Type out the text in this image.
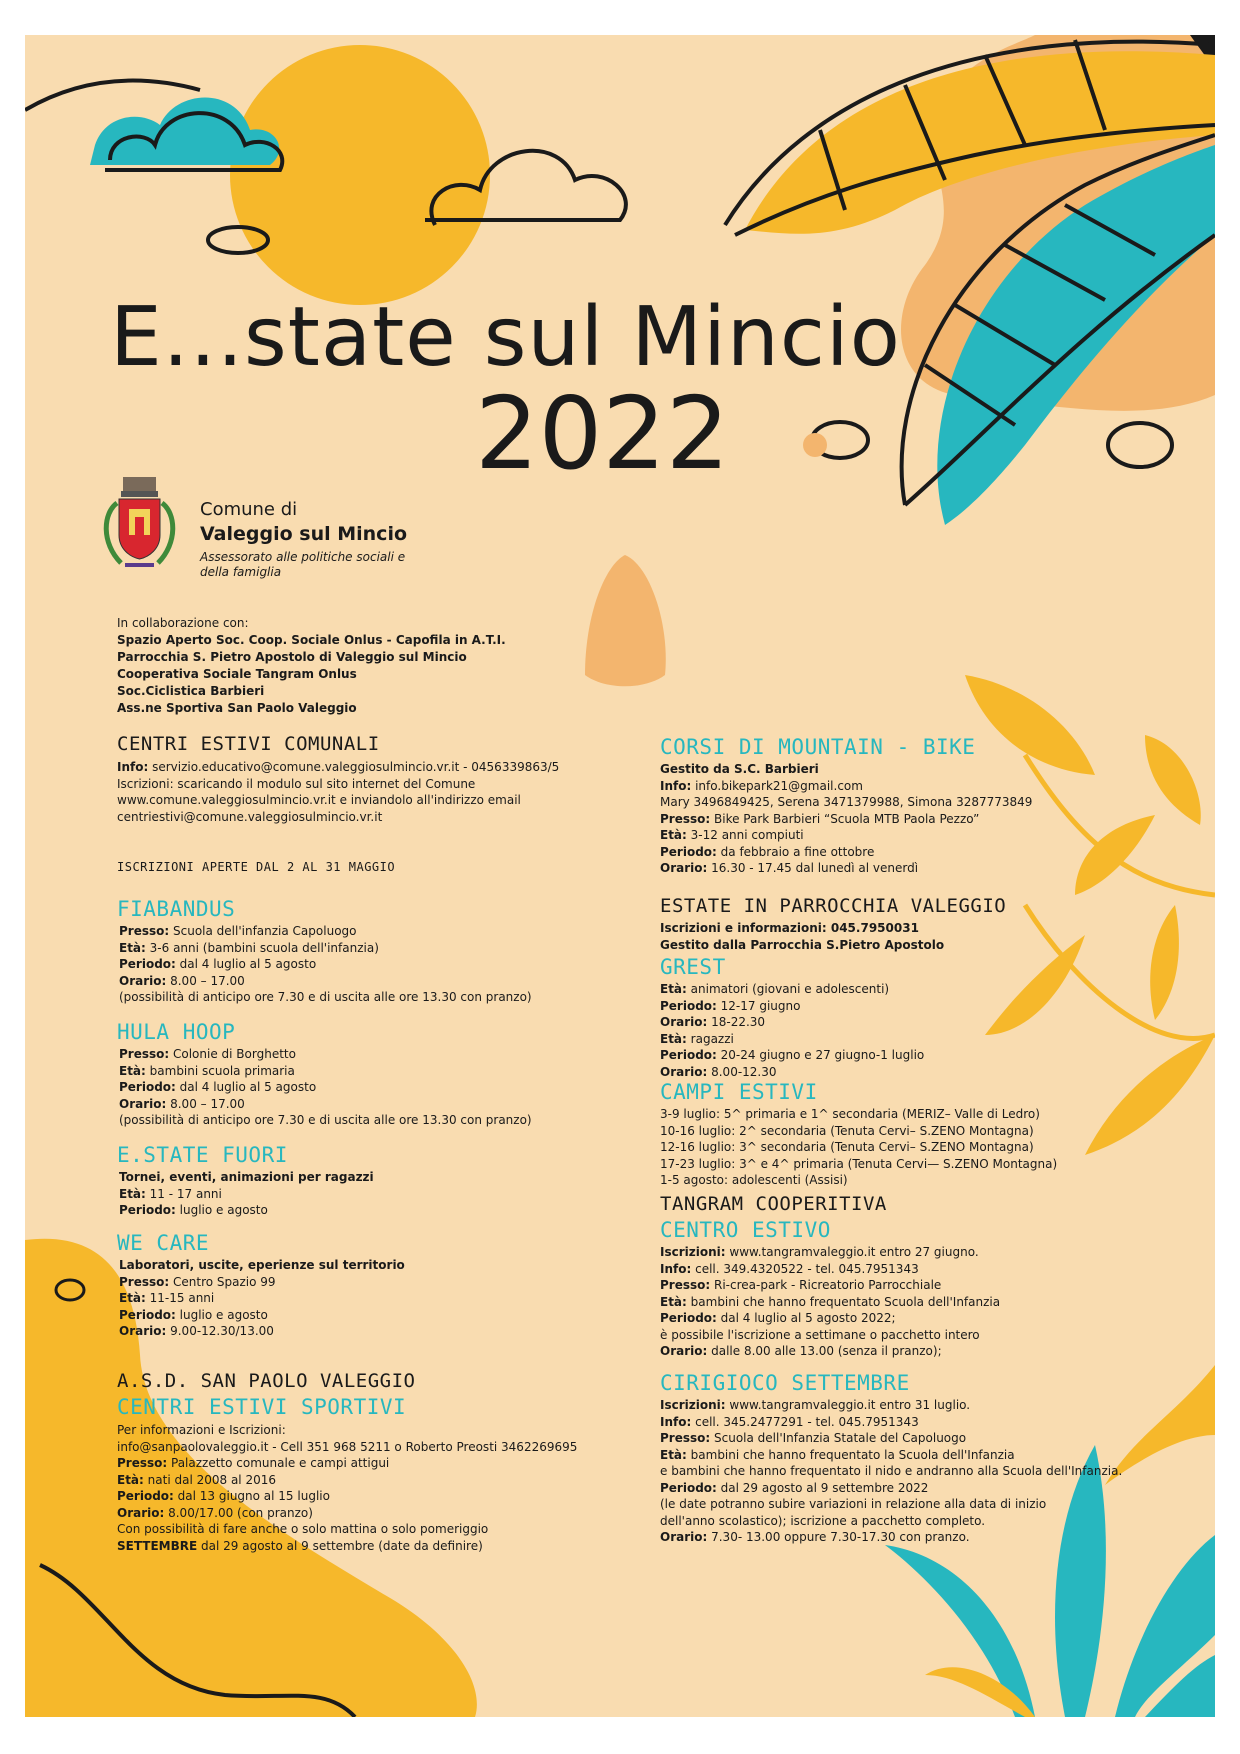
E...state sul Mincio
2022
Comune di
Valeggio sul Mincio
Assessorato alle politiche sociali e della famiglia
In collaborazione con:
Spazio Aperto Soc. Coop. Sociale Onlus - Capofila in A.T.I.
Parrocchia S. Pietro Apostolo di Valeggio sul Mincio
Cooperativa Sociale Tangram Onlus
Soc.Ciclistica Barbieri
Ass.ne Sportiva San Paolo Valeggio
CENTRI ESTIVI COMUNALI
Info: servizio.educativo@comune.valeggiosulmincio.vr.it - 0456339863/5
Iscrizioni: scaricando il modulo sul sito internet del Comune
www.comune.valeggiosulmincio.vr.it e inviandolo all'indirizzo email
centriestivi@comune.valeggiosulmincio.vr.it
ISCRIZIONI APERTE DAL 2 AL 31 MAGGIO
FIABANDUS
Presso: Scuola dell'infanzia Capoluogo
Età: 3-6 anni (bambini scuola dell'infanzia)
Periodo: dal 4 luglio al 5 agosto
Orario: 8.00 – 17.00
(possibilità di anticipo ore 7.30 e di uscita alle ore 13.30 con pranzo)
HULA HOOP
Presso: Colonie di Borghetto
Età: bambini scuola primaria
Periodo: dal 4 luglio al 5 agosto
Orario: 8.00 – 17.00
(possibilità di anticipo ore 7.30 e di uscita alle ore 13.30 con pranzo)
E.STATE FUORI
Tornei, eventi, animazioni per ragazzi
Età: 11 - 17 anni
Periodo: luglio e agosto
WE CARE
Laboratori, uscite, eperienze sul territorio
Presso: Centro Spazio 99
Età: 11-15 anni
Periodo: luglio e agosto
Orario: 9.00-12.30/13.00
A.S.D. SAN PAOLO VALEGGIO
CENTRI ESTIVI SPORTIVI
Per informazioni e Iscrizioni:
info@sanpaolovaleggio.it - Cell 351 968 5211 o Roberto Preosti 3462269695
Presso: Palazzetto comunale e campi attigui
Età: nati dal 2008 al 2016
Periodo: dal 13 giugno al 15 luglio
Orario: 8.00/17.00 (con pranzo)
Con possibilità di fare anche o solo mattina o solo pomeriggio
SETTEMBRE dal 29 agosto al 9 settembre (date da definire)
CORSI DI MOUNTAIN - BIKE
Gestito da S.C. Barbieri
Info: info.bikepark21@gmail.com
Mary 3496849425, Serena 3471379988, Simona 3287773849
Presso: Bike Park Barbieri “Scuola MTB Paola Pezzo”
Età: 3-12 anni compiuti
Periodo: da febbraio a fine ottobre
Orario: 16.30 - 17.45 dal lunedì al venerdì
ESTATE IN PARROCCHIA VALEGGIO
Iscrizioni e informazioni: 045.7950031
Gestito dalla Parrocchia S.Pietro Apostolo
GREST
Età: animatori (giovani e adolescenti)
Periodo: 12-17 giugno
Orario: 18-22.30
Età: ragazzi
Periodo: 20-24 giugno e 27 giugno-1 luglio
Orario: 8.00-12.30
CAMPI ESTIVI
3-9 luglio: 5^ primaria e 1^ secondaria (MERIZ– Valle di Ledro)
10-16 luglio: 2^ secondaria (Tenuta Cervi– S.ZENO Montagna)
12-16 luglio: 3^ secondaria (Tenuta Cervi– S.ZENO Montagna)
17-23 luglio: 3^ e 4^ primaria (Tenuta Cervi— S.ZENO Montagna)
1-5 agosto: adolescenti (Assisi)
TANGRAM COOPERITIVA
CENTRO ESTIVO
Iscrizioni: www.tangramvaleggio.it entro 27 giugno.
Info: cell. 349.4320522 - tel. 045.7951343
Presso: Ri-crea-park - Ricreatorio Parrocchiale
Età: bambini che hanno frequentato Scuola dell'Infanzia
Periodo: dal 4 luglio al 5 agosto 2022;
è possibile l'iscrizione a settimane o pacchetto intero
Orario: dalle 8.00 alle 13.00 (senza il pranzo);
CIRIGIOCO SETTEMBRE
Iscrizioni: www.tangramvaleggio.it entro 31 luglio.
Info: cell. 345.2477291 - tel. 045.7951343
Presso: Scuola dell'Infanzia Statale del Capoluogo
Età: bambini che hanno frequentato la Scuola dell'Infanzia
e bambini che hanno frequentato il nido e andranno alla Scuola dell'Infanzia.
Periodo: dal 29 agosto al 9 settembre 2022
(le date potranno subire variazioni in relazione alla data di inizio
dell'anno scolastico); iscrizione a pacchetto completo.
Orario: 7.30- 13.00 oppure 7.30-17.30 con pranzo.
